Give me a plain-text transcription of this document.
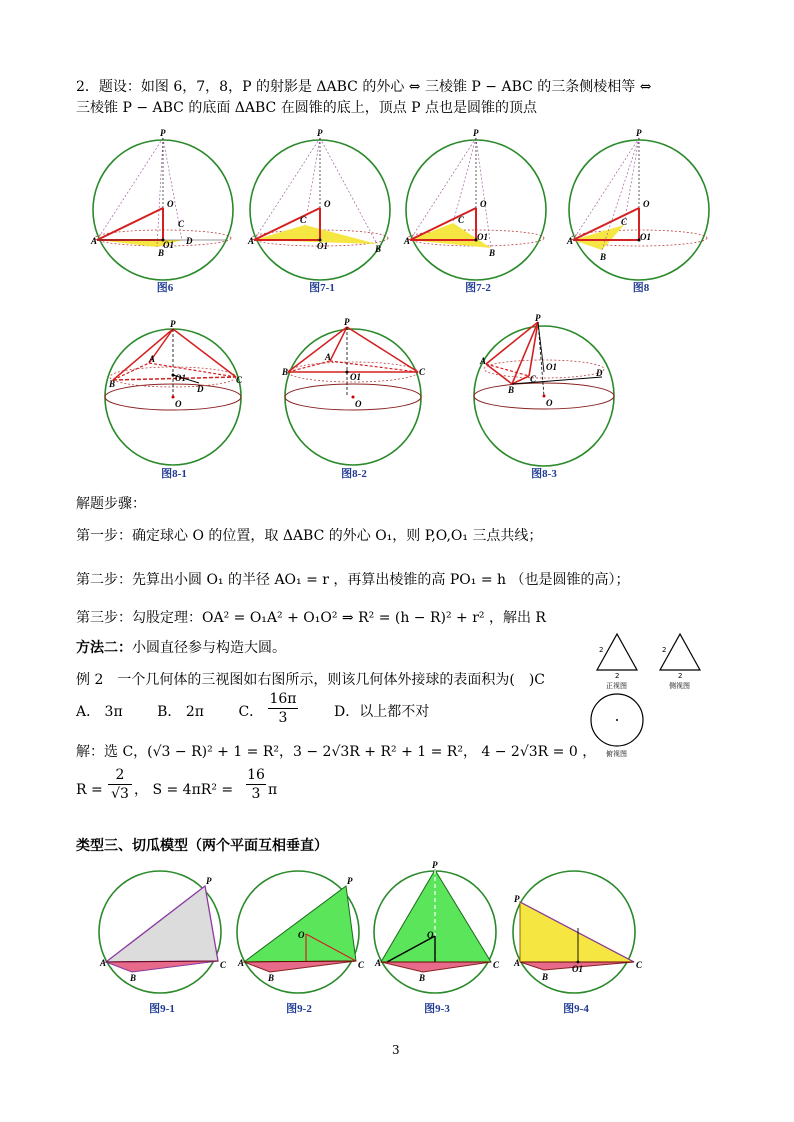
2．题设：如图 6，7，8，P 的射影是 ΔABC 的外心 ⇔ 三棱锥 P − ABC 的三条侧棱相等 ⇔
三棱锥 P − ABC 的底面 ΔABC 在圆锥的底上，顶点 P 点也是圆锥的顶点
P
O
C
A	O1 D
B
P
O
C
A	O1	B
P
O
C
A	O1
B
P
O
C
A	O1
B
图6	图7-1	图7-2	图8
P
A
B	C
O1
D
O
P
A
B	C
O1
O
P
A
B
C
O1
D
O
图8-1	图8-2	图8-3
解题步骤：
第一步：确定球心 O 的位置，取 ΔABC 的外心 O₁，则 P,O,O₁ 三点共线；
第二步：先算出小圆 O₁ 的半径 AO₁ = r ，再算出棱锥的高 PO₁ = h （也是圆锥的高）；
第三步：勾股定理：OA² = O₁A² + O₁O² ⇒ R² = (h − R)² + r² ，解出 R
方法二：小圆直径参与构造大圆。
例 2　一个几何体的三视图如右图所示，则该几何体外接球的表面积为(　)C
A． 3π B． 2π C． $\frac{16\pi}{3}$	D．以上都不对
解：选 C，(√3 − R)² + 1 = R²，3 − 2√3R + R² + 1 = R²， 4 − 2√3R = 0 ，
$R = \frac{2}{√3}$ ， $S = 4\pi R^2 = \frac{16}{3}$ π
2
2
正视图
2
2
侧视图
俯视图
类型三、切瓜模型（两个平面互相垂直）
P
A	C
B
P
O
A	C
B
P
O
A	C
B
P
A	C
B
O1
图9-1	图9-2	图9-3	图9-4
3
